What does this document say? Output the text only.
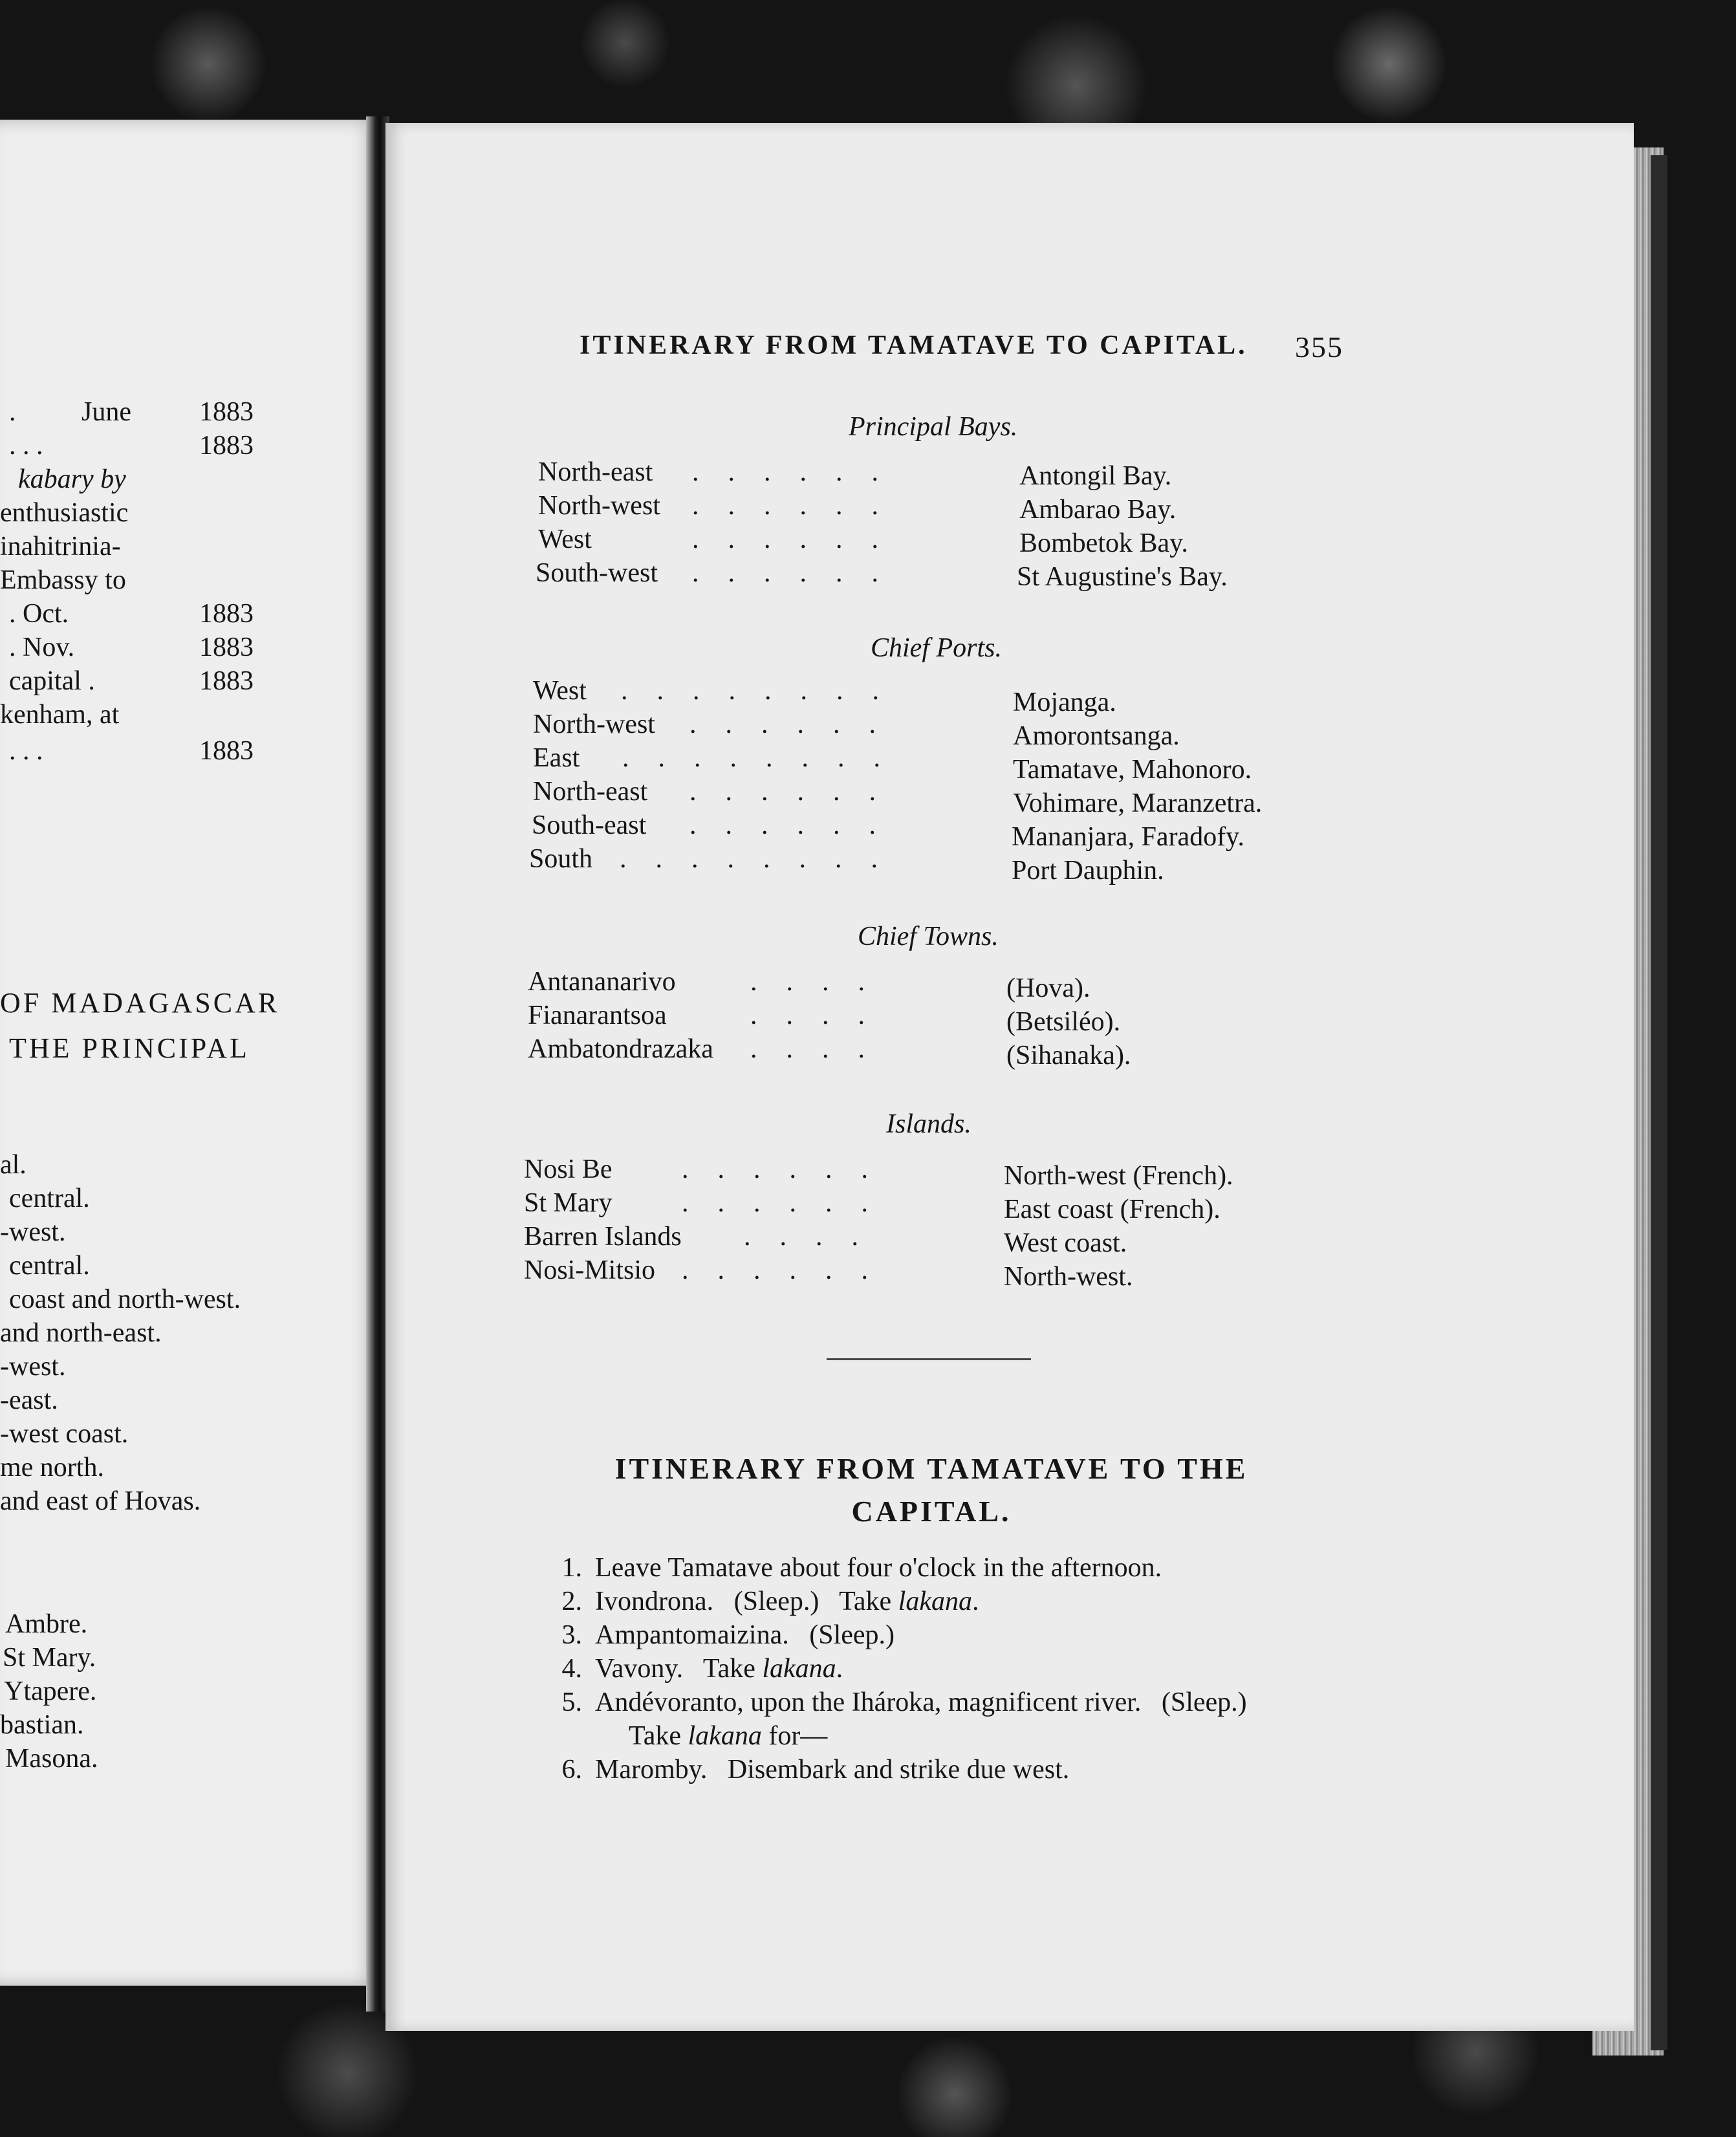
. June	1883
. . .	1883
kabary by
enthusiastic
inahitrinia-
Embassy to
. Oct.	1883
. Nov.	1883
capital .	1883
kenham, at
. . .	1883
OF MADAGASCAR
THE PRINCIPAL
al.
central.
-west.
central.
coast and north-west.
and north-east.
-west.
-east.
-west coast.
me north.
and east of Hovas.
Ambre.
St Mary.
Ytapere.
bastian.
Masona.
ITINERARY FROM TAMATAVE TO CAPITAL. 355
Principal Bays.
North-east ......	Antongil Bay.
North-west ......	Ambarao Bay.
West	......	Bombetok Bay.
South-west ......	St Augustine's Bay.
Chief Ports.
West ........	Mojanga.
North-west ......	Amorontsanga.
East ........	Tamatave, Mahonoro.
North-east ......	Vohimare, Maranzetra.
South-east ......	Mananjara, Faradofy.
South ........	Port Dauphin.
Chief Towns.
Antananarivo	....	(Hova).
Fianarantsoa	....	(Betsiléo).
Ambatondrazaka ....	(Sihanaka).
Islands.
Nosi Be	......	North-west (French).
St Mary	......	East coast (French).
Barren Islands ....	West coast.
Nosi-Mitsio ......	North-west.
ITINERARY FROM TAMATAVE TO THE
CAPITAL.
1. Leave Tamatave about four o'clock in the afternoon.
2. Ivondrona.   (Sleep.)   Take lakana.
3. Ampantomaizina.   (Sleep.)
4. Vavony.   Take lakana.
5. Andévoranto, upon the Ihároka, magnificent river.   (Sleep.)
Take lakana for—
6. Maromby.   Disembark and strike due west.
